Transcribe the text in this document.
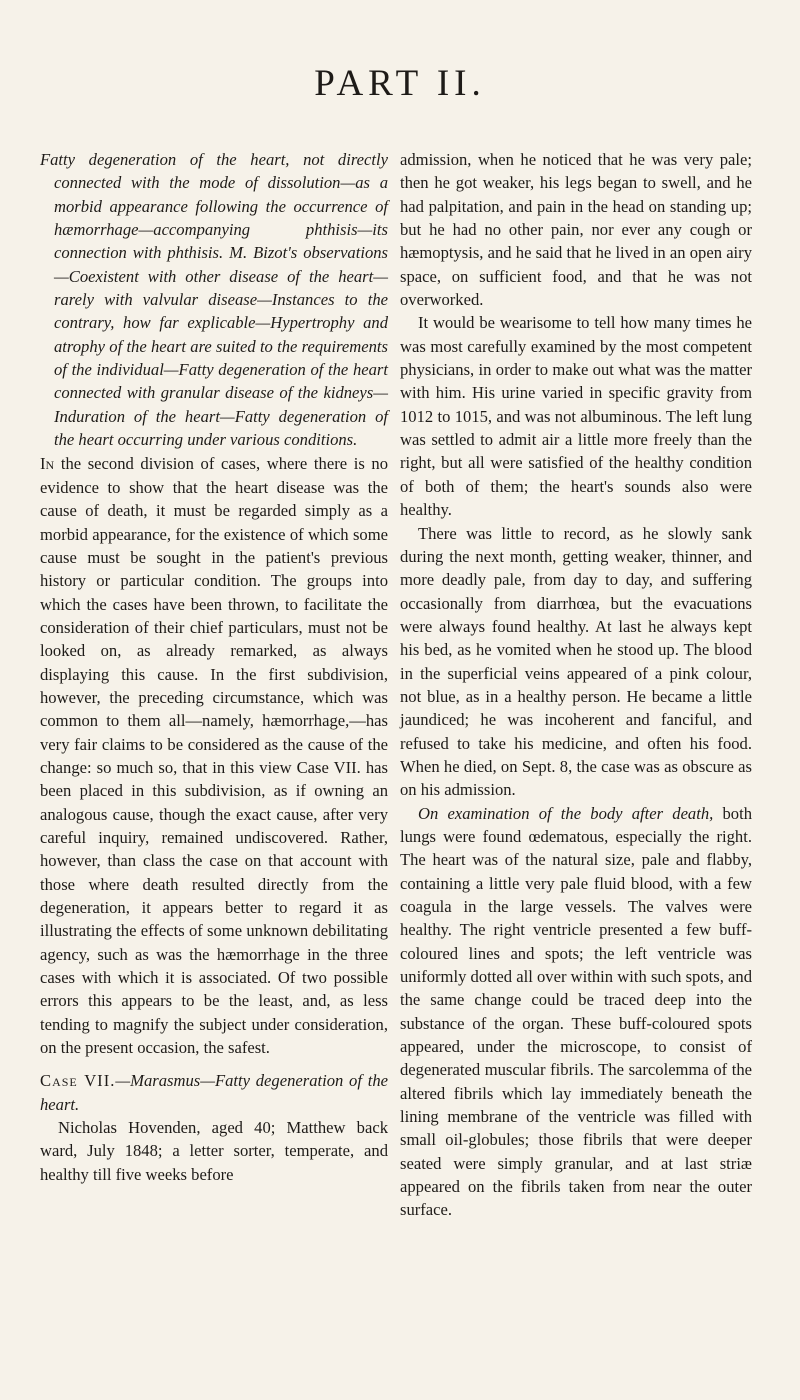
PART II.

Fatty degeneration of the heart, not directly connected with the mode of dissolution—as a morbid appearance following the occurrence of hæmorrhage—accompanying phthisis—its connection with phthisis. M. Bizot's observations—Coexistent with other disease of the heart—rarely with valvular disease—Instances to the contrary, how far explicable—Hypertrophy and atrophy of the heart are suited to the requirements of the individual—Fatty degeneration of the heart connected with granular disease of the kidneys—Induration of the heart—Fatty degeneration of the heart occurring under various conditions.

In the second division of cases, where there is no evidence to show that the heart disease was the cause of death, it must be regarded simply as a morbid appearance, for the existence of which some cause must be sought in the patient's previous history or particular condition. The groups into which the cases have been thrown, to facilitate the consideration of their chief particulars, must not be looked on, as already remarked, as always displaying this cause. In the first subdivision, however, the preceding circumstance, which was common to them all—namely, hæmorrhage,—has very fair claims to be considered as the cause of the change: so much so, that in this view Case VII. has been placed in this subdivision, as if owning an analogous cause, though the exact cause, after very careful inquiry, remained undiscovered. Rather, however, than class the case on that account with those where death resulted directly from the degeneration, it appears better to regard it as illustrating the effects of some unknown debilitating agency, such as was the hæmorrhage in the three cases with which it is associated. Of two possible errors this appears to be the least, and, as less tending to magnify the subject under consideration, on the present occasion, the safest.

Case VII.—Marasmus—Fatty degeneration of the heart.

Nicholas Hovenden, aged 40; Matthew back ward, July 1848; a letter sorter, temperate, and healthy till five weeks before

admission, when he noticed that he was very pale; then he got weaker, his legs began to swell, and he had palpitation, and pain in the head on standing up; but he had no other pain, nor ever any cough or hæmoptysis, and he said that he lived in an open airy space, on sufficient food, and that he was not overworked.

It would be wearisome to tell how many times he was most carefully examined by the most competent physicians, in order to make out what was the matter with him. His urine varied in specific gravity from 1012 to 1015, and was not albuminous. The left lung was settled to admit air a little more freely than the right, but all were satisfied of the healthy condition of both of them; the heart's sounds also were healthy.

There was little to record, as he slowly sank during the next month, getting weaker, thinner, and more deadly pale, from day to day, and suffering occasionally from diarrhœa, but the evacuations were always found healthy. At last he always kept his bed, as he vomited when he stood up. The blood in the superficial veins appeared of a pink colour, not blue, as in a healthy person. He became a little jaundiced; he was incoherent and fanciful, and refused to take his medicine, and often his food. When he died, on Sept. 8, the case was as obscure as on his admission.

On examination of the body after death, both lungs were found œdematous, especially the right. The heart was of the natural size, pale and flabby, containing a little very pale fluid blood, with a few coagula in the large vessels. The valves were healthy. The right ventricle presented a few buff-coloured lines and spots; the left ventricle was uniformly dotted all over within with such spots, and the same change could be traced deep into the substance of the organ. These buff-coloured spots appeared, under the microscope, to consist of degenerated muscular fibrils. The sarcolemma of the altered fibrils which lay immediately beneath the lining membrane of the ventricle was filled with small oil-globules; those fibrils that were deeper seated were simply granular, and at last striæ appeared on the fibrils taken from near the outer surface.
